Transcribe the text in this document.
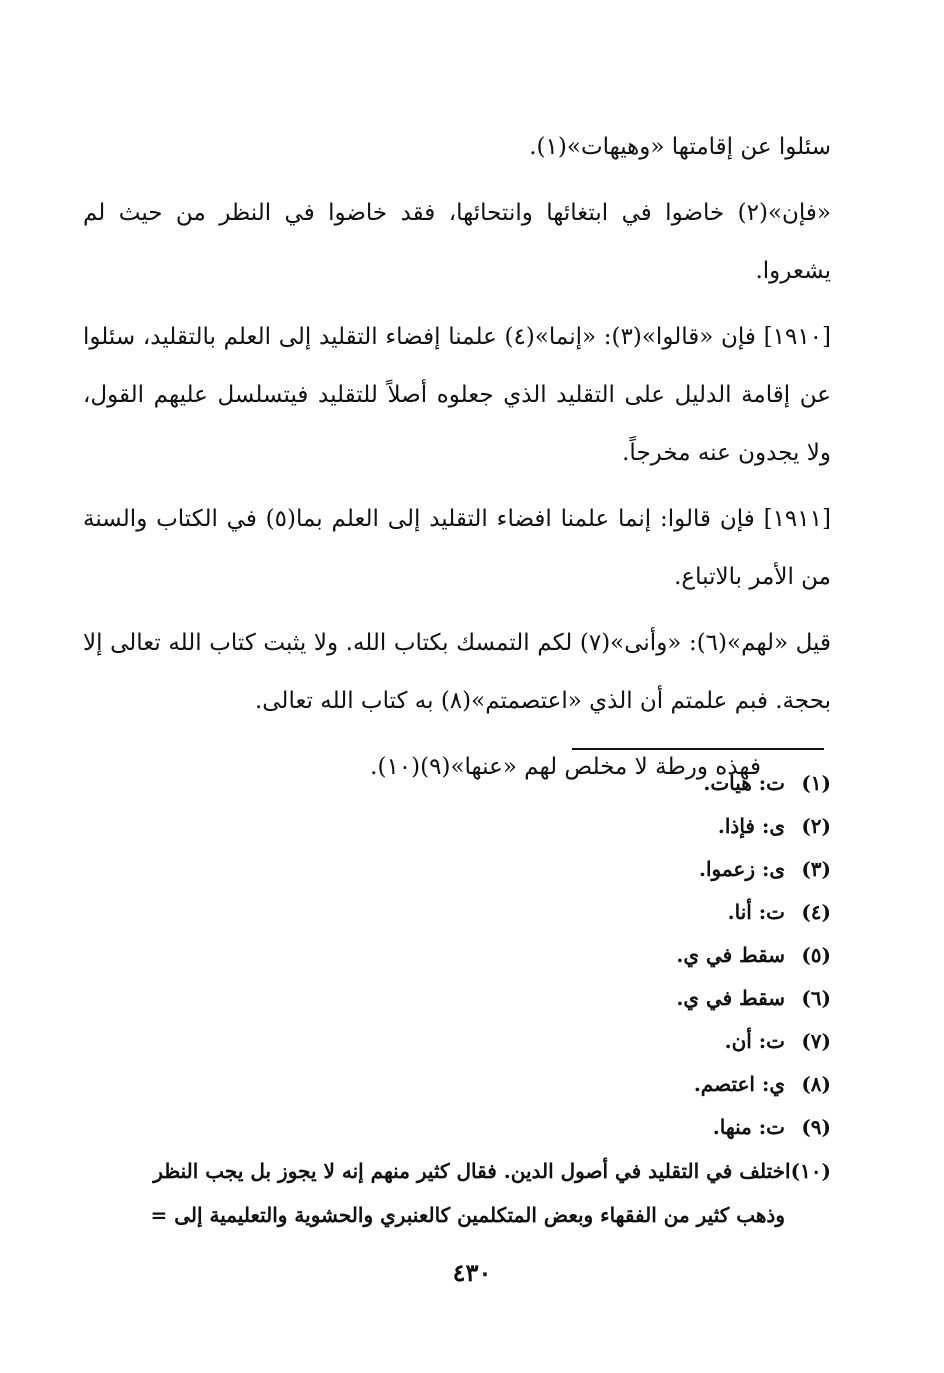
سئلوا عن إقامتها «وهيهات»(١).

«فإن»(٢) خاضوا في ابتغائها وانتحائها، فقد خاضوا في النظر من حيث لم يشعروا.

[١٩١٠] فإن «قالوا»(٣): «إنما»(٤) علمنا إفضاء التقليد إلى العلم بالتقليد، سئلوا عن إقامة الدليل على التقليد الذي جعلوه أصلاً للتقليد فيتسلسل عليهم القول، ولا يجدون عنه مخرجاً.

[١٩١١] فإن قالوا: إنما علمنا افضاء التقليد إلى العلم بما(٥) في الكتاب والسنة من الأمر بالاتباع.

قيل «لهم»(٦): «وأنى»(٧) لكم التمسك بكتاب الله. ولا يثبت كتاب الله تعالى إلا بحجة. فبم علمتم أن الذي «اعتصمتم»(٨) به كتاب الله تعالى.

فهذه ورطة لا مخلص لهم «عنها»(٩)(١٠).

(١)
ت: هيات.
(٢)
ى: فإذا.
(٣)
ى: زعموا.
(٤)
ت: أنا.
(٥)
سقط في ي.
(٦)
سقط في ي.
(٧)
ت: أن.
(٨)
ي: اعتصم.
(٩)
ت: منها.
(١٠)اختلف في التقليد في أصول الدين. فقال كثير منهم إنه لا يجوز بل يجب النظر
وذهب كثير من الفقهاء وبعض المتكلمين كالعنبري والحشوية والتعليمية إلى =
٤٣٠
